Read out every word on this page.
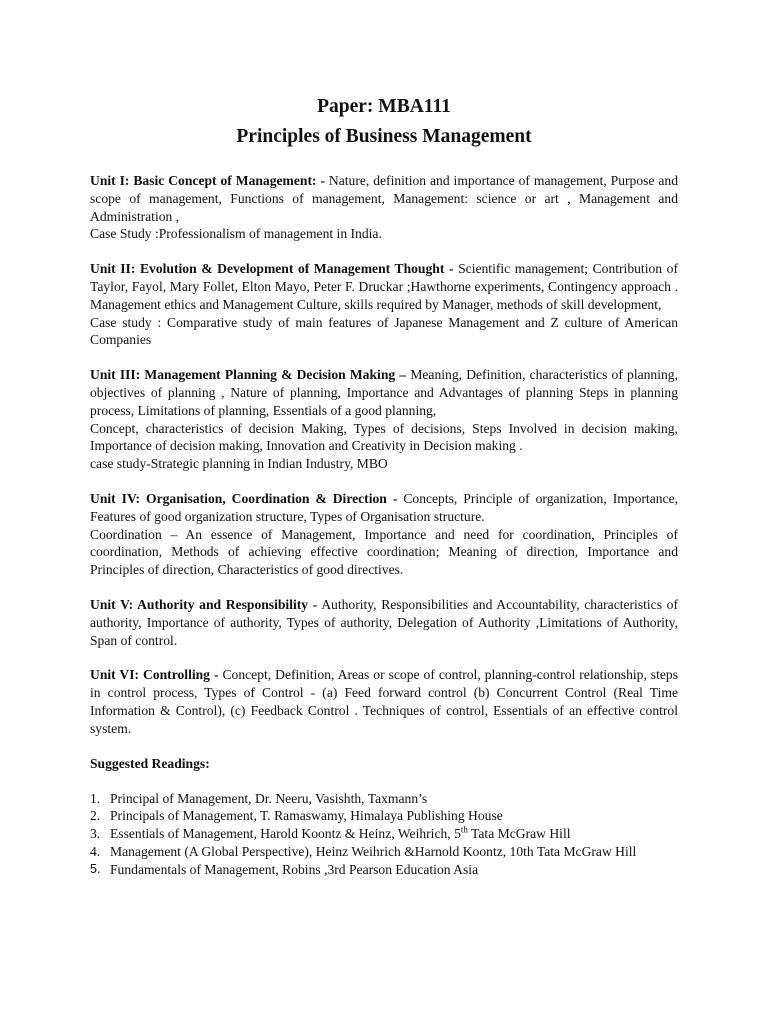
Paper: MBA111
Principles of Business Management

Unit I: Basic Concept of Management: - Nature, definition and importance of management, Purpose and scope of management, Functions of management, Management: science or art , Management and Administration ,

Case Study :Professionalism of management in India.

Unit II: Evolution & Development of Management Thought - Scientific management; Contribution of Taylor, Fayol, Mary Follet, Elton Mayo, Peter F. Druckar ;Hawthorne experiments, Contingency approach . Management ethics and Management Culture, skills required by Manager, methods of skill development,

Case study : Comparative study of main features of Japanese Management and Z culture of American Companies

Unit III: Management Planning & Decision Making – Meaning, Definition, characteristics of planning, objectives of planning , Nature of planning, Importance and Advantages of planning Steps in planning process, Limitations of planning, Essentials of a good planning,

Concept, characteristics of decision Making, Types of decisions, Steps Involved in decision making, Importance of decision making, Innovation and Creativity in Decision making .

case study-Strategic planning in Indian Industry, MBO

Unit IV: Organisation, Coordination & Direction - Concepts, Principle of organization, Importance, Features of good organization structure, Types of Organisation structure.

Coordination – An essence of Management, Importance and need for coordination, Principles of coordination, Methods of achieving effective coordination; Meaning of direction, Importance and Principles of direction, Characteristics of good directives.

Unit V: Authority and Responsibility - Authority, Responsibilities and Accountability, characteristics of authority, Importance of authority, Types of authority, Delegation of Authority ,Limitations of Authority, Span of control.

Unit VI: Controlling - Concept, Definition, Areas or scope of control, planning-control relationship, steps in control process, Types of Control - (a) Feed forward control (b) Concurrent Control (Real Time Information & Control), (c) Feedback Control . Techniques of control, Essentials of an effective control system.

Suggested Readings:
1. Principal of Management, Dr. Neeru, Vasishth, Taxmann’s
2. Principals of Management, T. Ramaswamy, Himalaya Publishing House
3. Essentials of Management, Harold Koontz & Heinz, Weihrich, 5th Tata McGraw Hill
4. Management (A Global Perspective), Heinz Weihrich &Harnold Koontz, 10th Tata McGraw Hill
5. Fundamentals of Management, Robins ,3rd Pearson Education Asia
